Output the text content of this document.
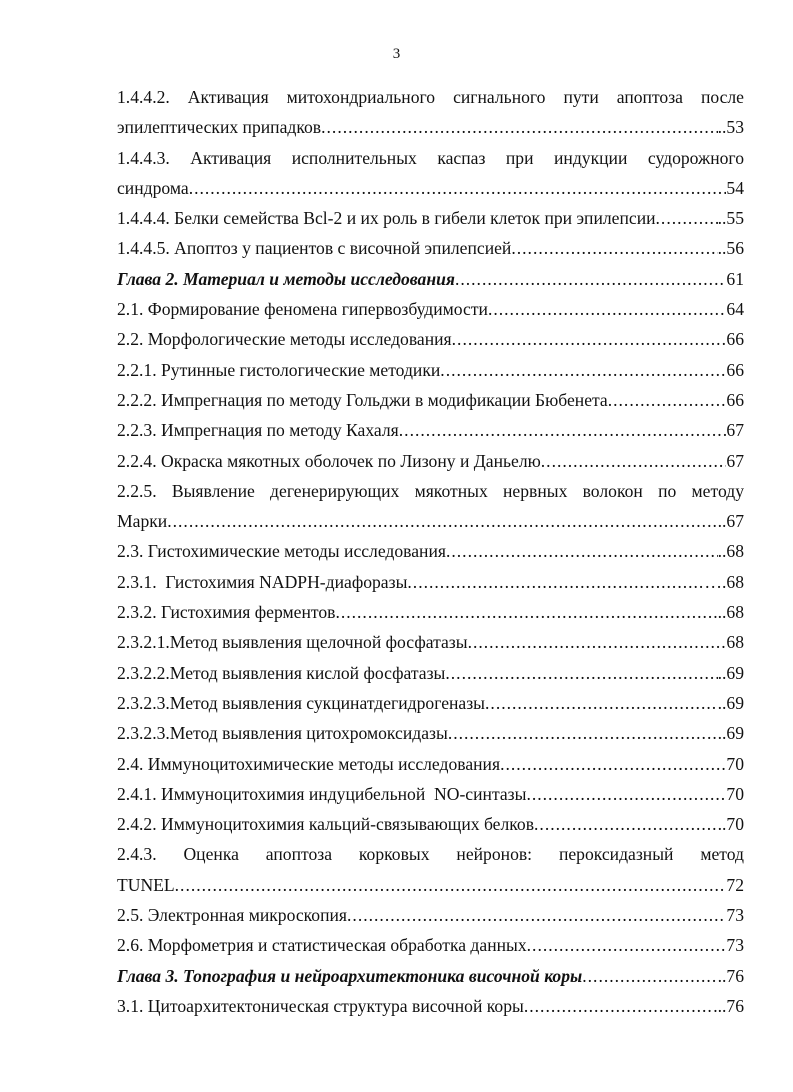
3
1.4.4.2. Активация митохондриального сигнального пути апоптоза после
эпилептических припадков .....	..53
1.4.4.3. Активация исполнительных каспаз при индукции судорожного
синдрома .....	54
1.4.4.4. Белки семейства Bcl-2 и их роль в гибели клеток при эпилепсии .....	..55
1.4.4.5. Апоптоз у пациентов с височной эпилепсией .....	..56
Глава 2. Материал и методы исследования .....	61
2.1. Формирование феномена гипервозбудимости .....	64
2.2. Морфологические методы исследования .....	66
2.2.1. Рутинные гистологические методики .....	66
2.2.2. Импрегнация по методу Гольджи в модификации Бюбенета .....	66
2.2.3. Импрегнация по методу Кахаля .....	67
2.2.4. Окраска мякотных оболочек по Лизону и Даньелю .....	67
2.2.5. Выявление дегенерирующих мякотных нервных волокон по методу
Марки .....	..67
2.3. Гистохимические методы исследования .....	..68
2.3.1.  Гистохимия NADPH-диафоразы .....	….68
2.3.2. Гистохимия ферментов .....	...68
2.3.2.1.Метод выявления щелочной фосфатазы .....	68
2.3.2.2.Метод выявления кислой фосфатазы .....	..69
2.3.2.3.Метод выявления сукцинатдегидрогеназы .....	..69
2.3.2.3.Метод выявления цитохромоксидазы .....	..69
2.4. Иммуноцитохимические методы исследования .....	70
2.4.1. Иммуноцитохимия индуцибельной  NO-синтазы .....	70
2.4.2. Иммуноцитохимия кальций-связывающих белков .....	..70
2.4.3. Оценка апоптоза корковых нейронов: пероксидазный метод
TUNEL .....	72
2.5. Электронная микроскопия .....	73
2.6. Морфометрия и статистическая обработка данных .....	73
Глава 3. Топография и нейроархитектоника височной коры .....	..76
3.1. Цитоархитектоническая структура височной коры .....	...76
